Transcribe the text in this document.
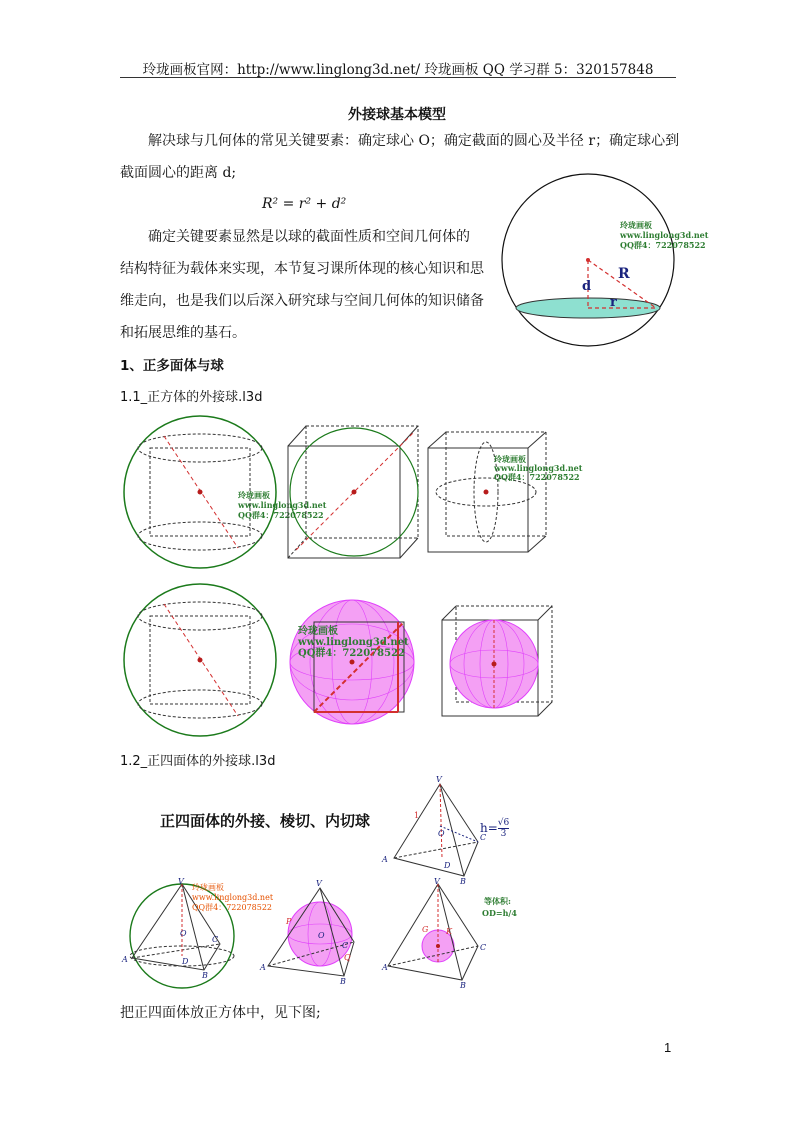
玲珑画板官网：http://www.linglong3d.net/ 玲珑画板 QQ 学习群 5：320157848
外接球基本模型
解决球与几何体的常见关键要素：确定球心 O；确定截面的圆心及半径 r；确定球心到
截面圆心的距离 d;
R² = r² + d²
确定关键要素显然是以球的截面性质和空间几何体的
结构特征为载体来实现，本节复习课所体现的核心知识和思
维走向，也是我们以后深入研究球与空间几何体的知识储备
和拓展思维的基石。
d
R
r
玲珑画板
www.linglong3d.net
QQ群4：722078522
1、正多面体与球
1.1_正方体的外接球.l3d
玲珑画板
www.linglong3d.net
QQ群4：722078522
玲珑画板
www.linglong3d.net
QQ群4：722078522
玲珑画板
www.linglong3d.net
QQ群4：722078522
1.2_正四面体的外接球.l3d
正四面体的外接、棱切、内切球
V
1
O
A
D
B
C
$h= \frac{√6}{3}$
V
O
A	D
B
C
玲珑画板
www.linglong3d.net
QQ群4：722078522
V
P
O
C
Q
A
B
V
G K
A
C
B
等体积:
OD=h/4
把正四面体放正方体中，见下图;
1
